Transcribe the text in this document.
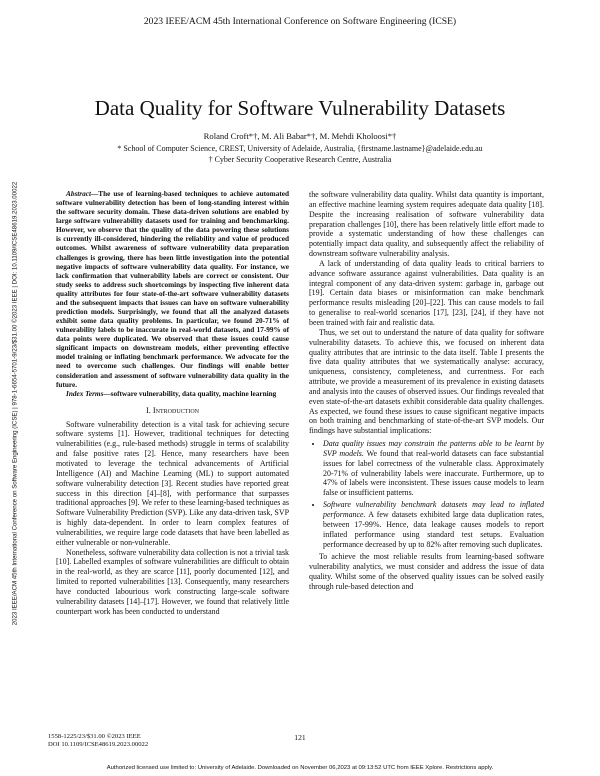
2023 IEEE/ACM 45th International Conference on Software Engineering (ICSE)
2023 IEEE/ACM 45th International Conference on Software Engineering (ICSE) | 978-1-6654-5701-9/23/$31.00 ©2023 IEEE | DOI: 10.1109/ICSE48619.2023.00022
Data Quality for Software Vulnerability Datasets
Roland Croft*†, M. Ali Babar*†, M. Mehdi Kholoosi*†
* School of Computer Science, CREST, University of Adelaide, Australia, {firstname.lastname}@adelaide.edu.au
† Cyber Security Cooperative Research Centre, Australia

Abstract—The use of learning-based techniques to achieve automated software vulnerability detection has been of long-standing interest within the software security domain. These data-driven solutions are enabled by large software vulnerability datasets used for training and benchmarking. However, we observe that the quality of the data powering these solutions is currently ill-considered, hindering the reliability and value of produced outcomes. Whilst awareness of software vulnerability data preparation challenges is growing, there has been little investigation into the potential negative impacts of software vulnerability data quality. For instance, we lack confirmation that vulnerability labels are correct or consistent. Our study seeks to address such shortcomings by inspecting five inherent data quality attributes for four state-of-the-art software vulnerability datasets and the subsequent impacts that issues can have on software vulnerability prediction models. Surprisingly, we found that all the analyzed datasets exhibit some data quality problems. In particular, we found 20-71% of vulnerability labels to be inaccurate in real-world datasets, and 17-99% of data points were duplicated. We observed that these issues could cause significant impacts on downstream models, either preventing effective model training or inflating benchmark performance. We advocate for the need to overcome such challenges. Our findings will enable better consideration and assessment of software vulnerability data quality in the future.

Index Terms—software vulnerability, data quality, machine learning

I. Introduction

Software vulnerability detection is a vital task for achieving secure software systems [1]. However, traditional techniques for detecting vulnerabilities (e.g., rule-based methods) struggle in terms of scalability and false positive rates [2]. Hence, many researchers have been motivated to leverage the technical advancements of Artificial Intelligence (AI) and Machine Learning (ML) to support automated software vulnerability detection [3]. Recent studies have reported great success in this direction [4]–[8], with performance that surpasses traditional approaches [9]. We refer to these learning-based techniques as Software Vulnerability Prediction (SVP). Like any data-driven task, SVP is highly data-dependent. In order to learn complex features of vulnerabilities, we require large code datasets that have been labelled as either vulnerable or non-vulnerable.

Nonetheless, software vulnerability data collection is not a trivial task [10]. Labelled examples of software vulnerabilities are difficult to obtain in the real-world, as they are scarce [11], poorly documented [12], and limited to reported vulnerabilities [13]. Consequently, many researchers have conducted labourious work constructing large-scale software vulnerability datasets [14]–[17]. However, we found that relatively little counterpart work has been conducted to understand

the software vulnerability data quality. Whilst data quantity is important, an effective machine learning system requires adequate data quality [18]. Despite the increasing realisation of software vulnerability data preparation challenges [10], there has been relatively little effort made to provide a systematic understanding of how these challenges can potentially impact data quality, and subsequently affect the reliability of downstream software vulnerability analysis.

A lack of understanding of data quality leads to critical barriers to advance software assurance against vulnerabilities. Data quality is an integral component of any data-driven system: garbage in, garbage out [19]. Certain data biases or misinformation can make benchmark performance results misleading [20]–[22]. This can cause models to fail to generalise to real-world scenarios [17], [23], [24], if they have not been trained with fair and realistic data.

Thus, we set out to understand the nature of data quality for software vulnerability datasets. To achieve this, we focused on inherent data quality attributes that are intrinsic to the data itself. Table I presents the five data quality attributes that we systematically analyse: accuracy, uniqueness, consistency, completeness, and currentness. For each attribute, we provide a measurement of its prevalence in existing datasets and analysis into the causes of observed issues. Our findings revealed that even state-of-the-art datasets exhibit considerable data quality challenges. As expected, we found these issues to cause significant negative impacts on both training and benchmarking of state-of-the-art SVP models. Our findings have substantial implications:

• Data quality issues may constrain the patterns able to be learnt by SVP models. We found that real-world datasets can face substantial issues for label correctness of the vulnerable class. Approximately 20-71% of vulnerability labels were inaccurate. Furthermore, up to 47% of labels were inconsistent. These issues cause models to learn false or insufficient patterns.
• Software vulnerability benchmark datasets may lead to inflated performance. A few datasets exhibited large data duplication rates, between 17-99%. Hence, data leakage causes models to report inflated performance using standard test setups. Evaluation performance decreased by up to 82% after removing such duplicates.

To achieve the most reliable results from learning-based software vulnerability analytics, we must consider and address the issue of data quality. Whilst some of the observed quality issues can be solved easily through rule-based detection and

1558-1225/23/$31.00 ©2023 IEEE
DOI 10.1109/ICSE48619.2023.00022
121
Authorized licensed use limited to: University of Adelaide. Downloaded on November 06,2023 at 09:13:52 UTC from IEEE Xplore. Restrictions apply.
